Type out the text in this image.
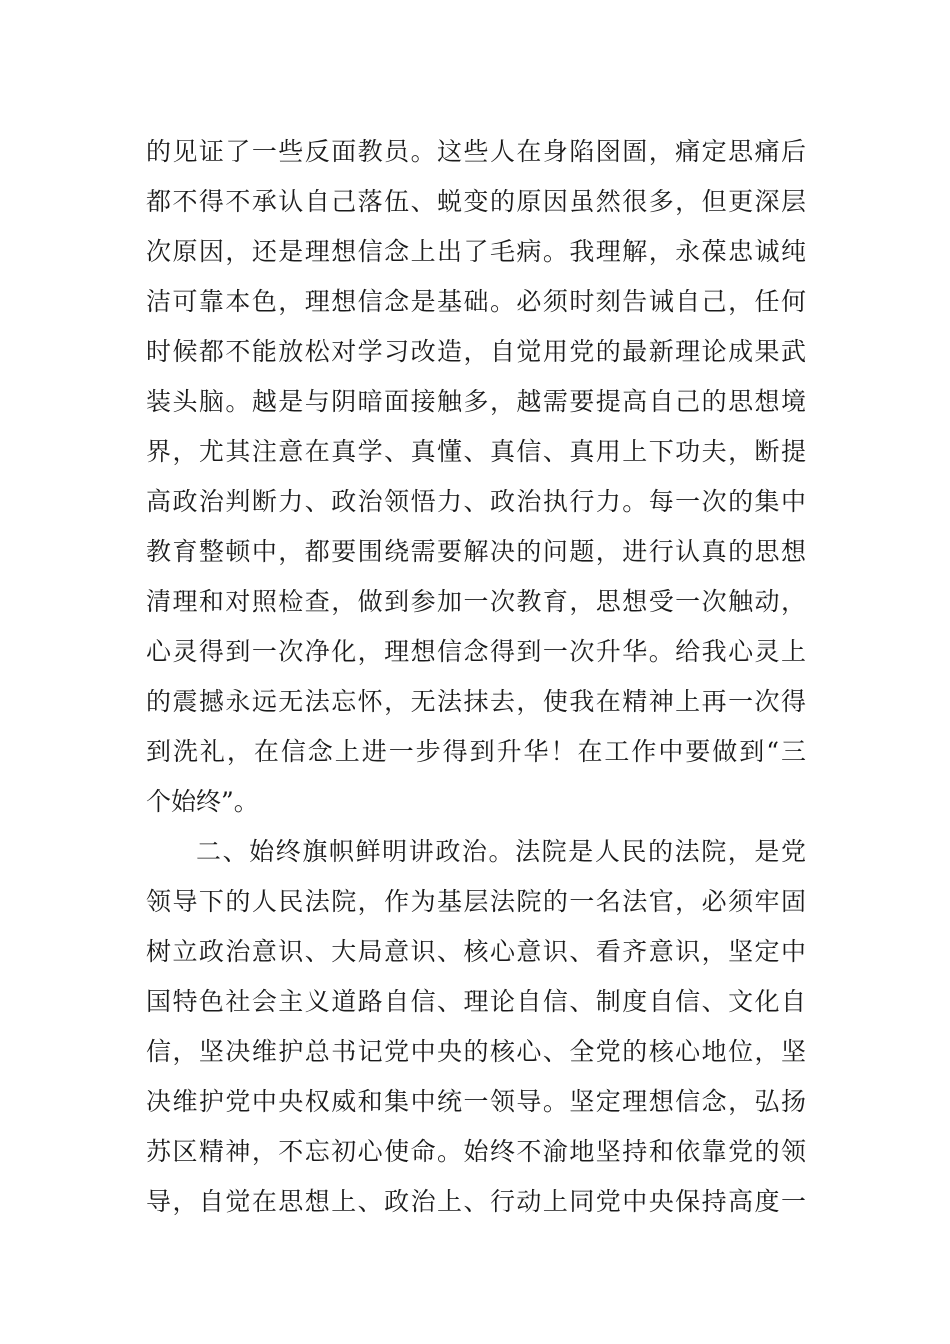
的见证了一些反面教员。这些人在身陷囹圄，痛定思痛后
都不得不承认自己落伍、蜕变的原因虽然很多，但更深层
次原因，还是理想信念上出了毛病。我理解，永葆忠诚纯
洁可靠本色，理想信念是基础。必须时刻告诫自己，任何
时候都不能放松对学习改造，自觉用党的最新理论成果武
装头脑。越是与阴暗面接触多，越需要提高自己的思想境
界，尤其注意在真学、真懂、真信、真用上下功夫，断提
高政治判断力、政治领悟力、政治执行力。每一次的集中
教育整顿中，都要围绕需要解决的问题，进行认真的思想
清理和对照检查，做到参加一次教育，思想受一次触动，
心灵得到一次净化，理想信念得到一次升华。给我心灵上
的震撼永远无法忘怀，无法抹去，使我在精神上再一次得
到洗礼，在信念上进一步得到升华！在工作中要做到“三
个始终”。
二、始终旗帜鲜明讲政治。法院是人民的法院，是党
领导下的人民法院，作为基层法院的一名法官，必须牢固
树立政治意识、大局意识、核心意识、看齐意识，坚定中
国特色社会主义道路自信、理论自信、制度自信、文化自
信，坚决维护总书记党中央的核心、全党的核心地位，坚
决维护党中央权威和集中统一领导。坚定理想信念，弘扬
苏区精神，不忘初心使命。始终不渝地坚持和依靠党的领
导，自觉在思想上、政治上、行动上同党中央保持高度一
